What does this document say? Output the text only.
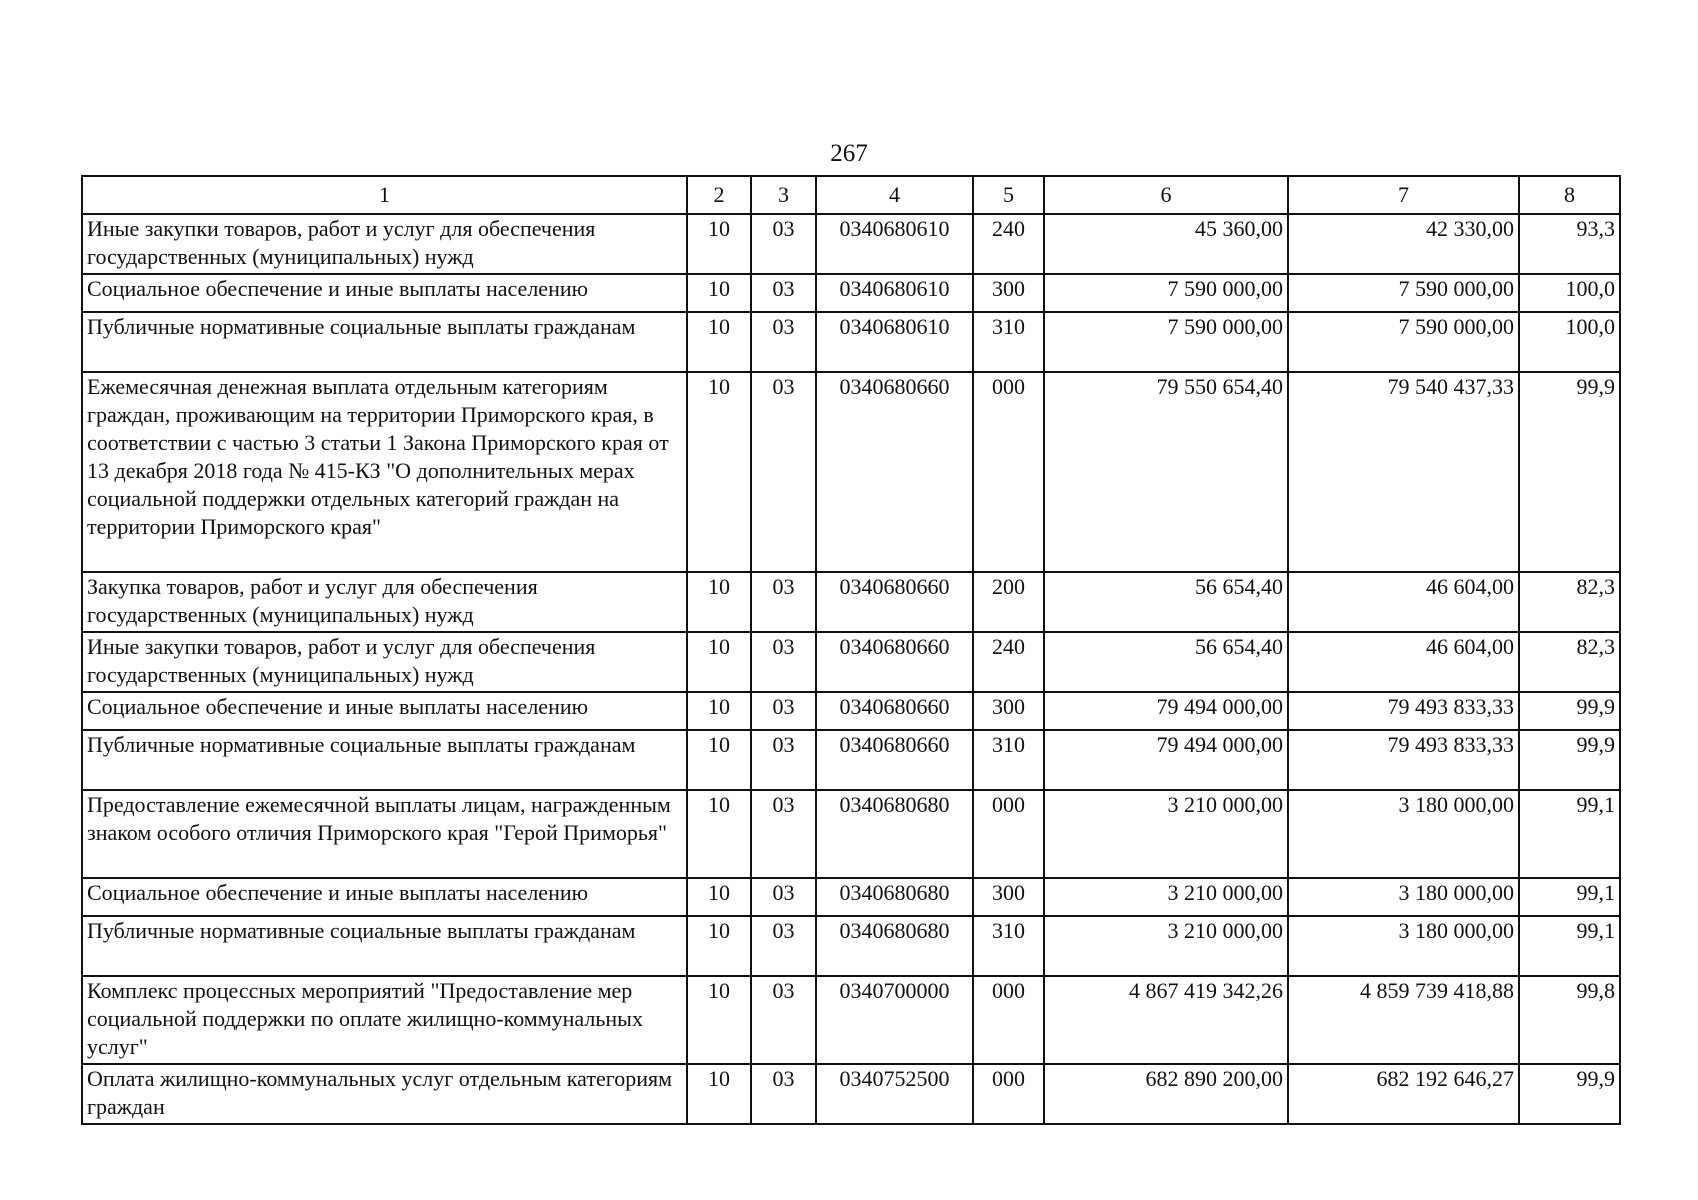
267
1	2	3	4	5	6	7	8
Иные закупки товаров, работ и услуг для обеспечения государственных (муниципальных) нужд	10	03	0340680610	240	45 360,00	42 330,00	93,3
Социальное обеспечение и иные выплаты населению	10	03	0340680610	300	7 590 000,00	7 590 000,00	100,0
Публичные нормативные социальные выплаты гражданам	10	03	0340680610	310	7 590 000,00	7 590 000,00	100,0
Ежемесячная денежная выплата отдельным категориям граждан, проживающим на территории Приморского края, в соответствии с частью 3 статьи 1 Закона Приморского края от 13 декабря 2018 года № 415-КЗ "О дополнительных мерах социальной поддержки отдельных категорий граждан на территории Приморского края"	10	03	0340680660	000	79 550 654,40	79 540 437,33	99,9
Закупка товаров, работ и услуг для обеспечения государственных (муниципальных) нужд	10	03	0340680660	200	56 654,40	46 604,00	82,3
Иные закупки товаров, работ и услуг для обеспечения государственных (муниципальных) нужд	10	03	0340680660	240	56 654,40	46 604,00	82,3
Социальное обеспечение и иные выплаты населению	10	03	0340680660	300	79 494 000,00	79 493 833,33	99,9
Публичные нормативные социальные выплаты гражданам	10	03	0340680660	310	79 494 000,00	79 493 833,33	99,9
Предоставление ежемесячной выплаты лицам, награжденным знаком особого отличия Приморского края "Герой Приморья"	10	03	0340680680	000	3 210 000,00	3 180 000,00	99,1
Социальное обеспечение и иные выплаты населению	10	03	0340680680	300	3 210 000,00	3 180 000,00	99,1
Публичные нормативные социальные выплаты гражданам	10	03	0340680680	310	3 210 000,00	3 180 000,00	99,1
Комплекс процессных мероприятий "Предоставление мер социальной поддержки по оплате жилищно-коммунальных услуг"	10	03	0340700000	000	4 867 419 342,26	4 859 739 418,88	99,8
Оплата жилищно-коммунальных услуг отдельным категориям граждан	10	03	0340752500	000	682 890 200,00	682 192 646,27	99,9
